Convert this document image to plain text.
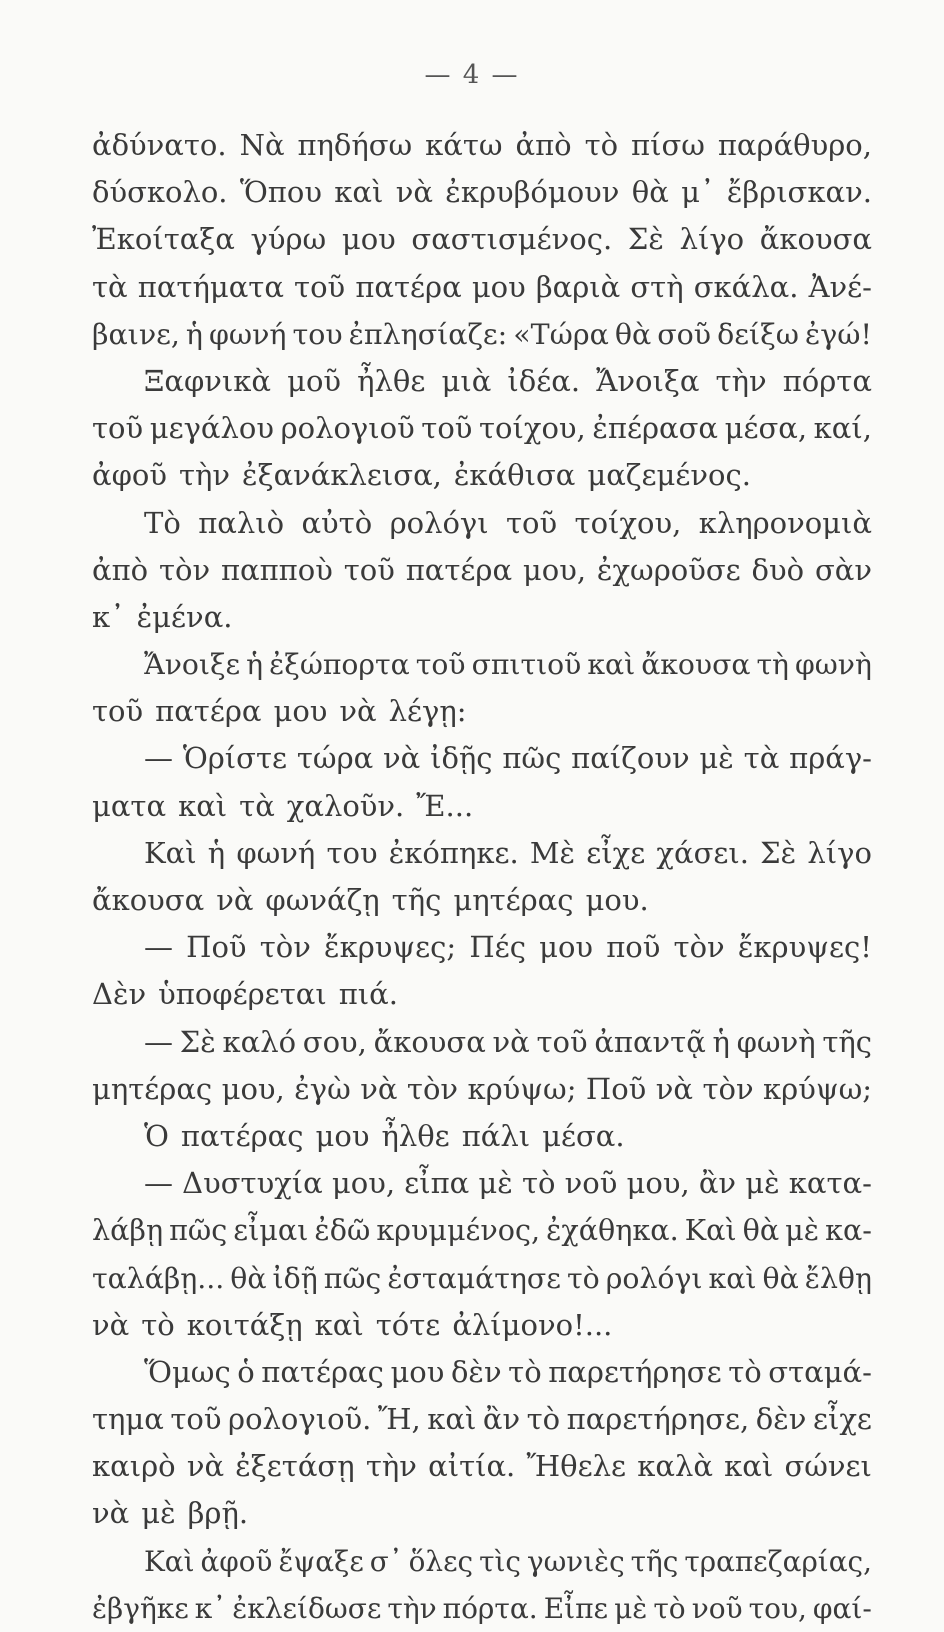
— 4 —
ἀδύνατο. Νὰ πηδήσω κάτω ἀπὸ τὸ πίσω παράθυρο,
δύσκολο. Ὅπου καὶ νὰ ἐκρυβόμουν θὰ μ᾽ ἔβρισκαν.
Ἐκοίταξα γύρω μου σαστισμένος. Σὲ λίγο ἄκουσα
τὰ πατήματα τοῦ πατέρα μου βαριὰ στὴ σκάλα. Ἀνέ-
βαινε, ἡ φωνή του ἐπλησίαζε: «Τώρα θὰ σοῦ δείξω ἐγώ!
Ξαφνικὰ μοῦ ἦλθε μιὰ ἰδέα. Ἄνοιξα τὴν πόρτα
τοῦ μεγάλου ρολογιοῦ τοῦ τοίχου, ἐπέρασα μέσα, καί,
ἀφοῦ τὴν ἐξανάκλεισα, ἐκάθισα μαζεμένος.
Τὸ παλιὸ αὐτὸ ρολόγι τοῦ τοίχου, κληρονομιὰ
ἀπὸ τὸν παπποὺ τοῦ πατέρα μου, ἐχωροῦσε δυὸ σὰν
κ᾽ ἐμένα.
Ἄνοιξε ἡ ἐξώπορτα τοῦ σπιτιοῦ καὶ ἄκουσα τὴ φωνὴ
τοῦ πατέρα μου νὰ λέγῃ:
— Ὁρίστε τώρα νὰ ἰδῇς πῶς παίζουν μὲ τὰ πράγ-
ματα καὶ τὰ χαλοῦν. Ἔ...
Καὶ ἡ φωνή του ἐκόπηκε. Μὲ εἶχε χάσει. Σὲ λίγο
ἄκουσα νὰ φωνάζῃ τῆς μητέρας μου.
— Ποῦ τὸν ἔκρυψες; Πές μου ποῦ τὸν ἔκρυψες!
Δὲν ὑποφέρεται πιά.
— Σὲ καλό σου, ἄκουσα νὰ τοῦ ἀπαντᾷ ἡ φωνὴ τῆς
μητέρας μου, ἐγὼ νὰ τὸν κρύψω; Ποῦ νὰ τὸν κρύψω;
Ὁ πατέρας μου ἦλθε πάλι μέσα.
— Δυστυχία μου, εἶπα μὲ τὸ νοῦ μου, ἂν μὲ κατα-
λάβῃ πῶς εἶμαι ἐδῶ κρυμμένος, ἐχάθηκα. Καὶ θὰ μὲ κα-
ταλάβῃ... θὰ ἰδῇ πῶς ἐσταμάτησε τὸ ρολόγι καὶ θὰ ἔλθῃ
νὰ τὸ κοιτάξῃ καὶ τότε ἀλίμονο!...
Ὅμως ὁ πατέρας μου δὲν τὸ παρετήρησε τὸ σταμά-
τημα τοῦ ρολογιοῦ. Ἤ, καὶ ἂν τὸ παρετήρησε, δὲν εἶχε
καιρὸ νὰ ἐξετάσῃ τὴν αἰτία. Ἤθελε καλὰ καὶ σώνει
νὰ μὲ βρῇ.
Καὶ ἀφοῦ ἔψαξε σ᾽ ὅλες τὶς γωνιὲς τῆς τραπεζαρίας,
ἐβγῆκε κ᾽ ἐκλείδωσε τὴν πόρτα. Εἶπε μὲ τὸ νοῦ του, φαί-
